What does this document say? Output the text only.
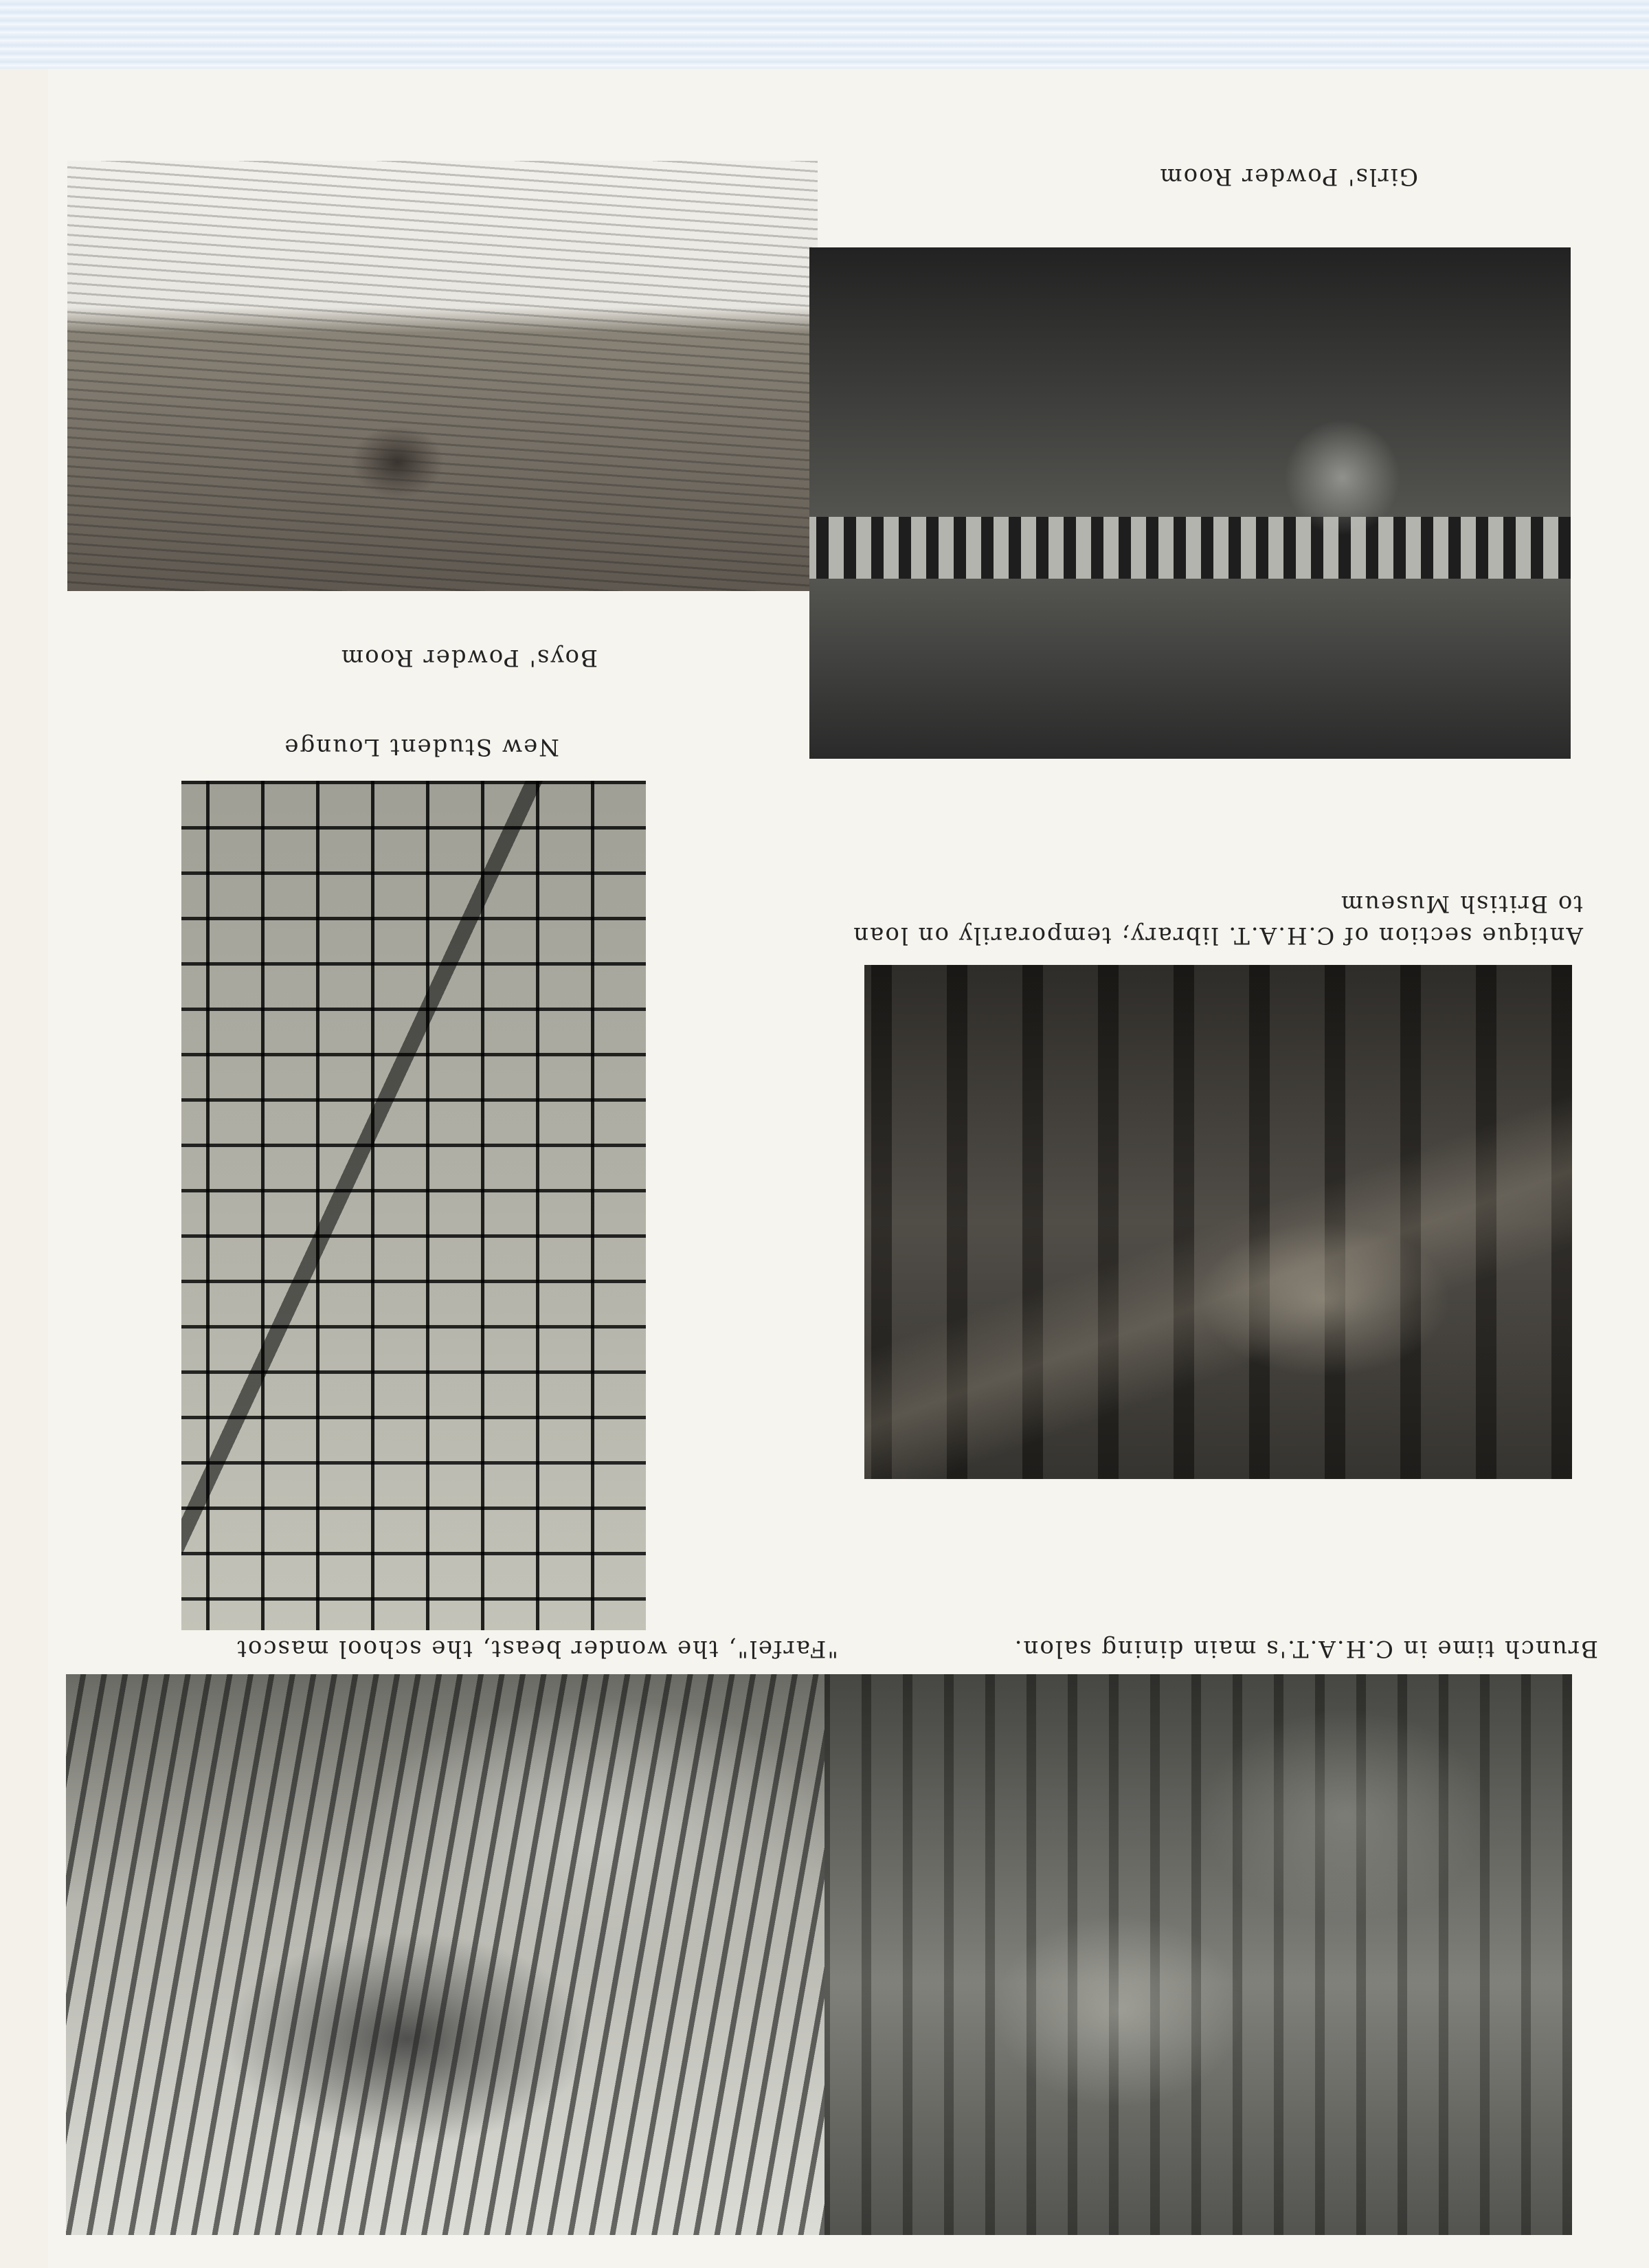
Brunch time in C.H.A.T.'s main dining salon.

"Farfel", the wonder beast, the school mascot

Antique section of C.H.A.T. library; temporarily on loan to British Museum

New Student Lounge

Boys' Powder Room

Girls' Powder Room
